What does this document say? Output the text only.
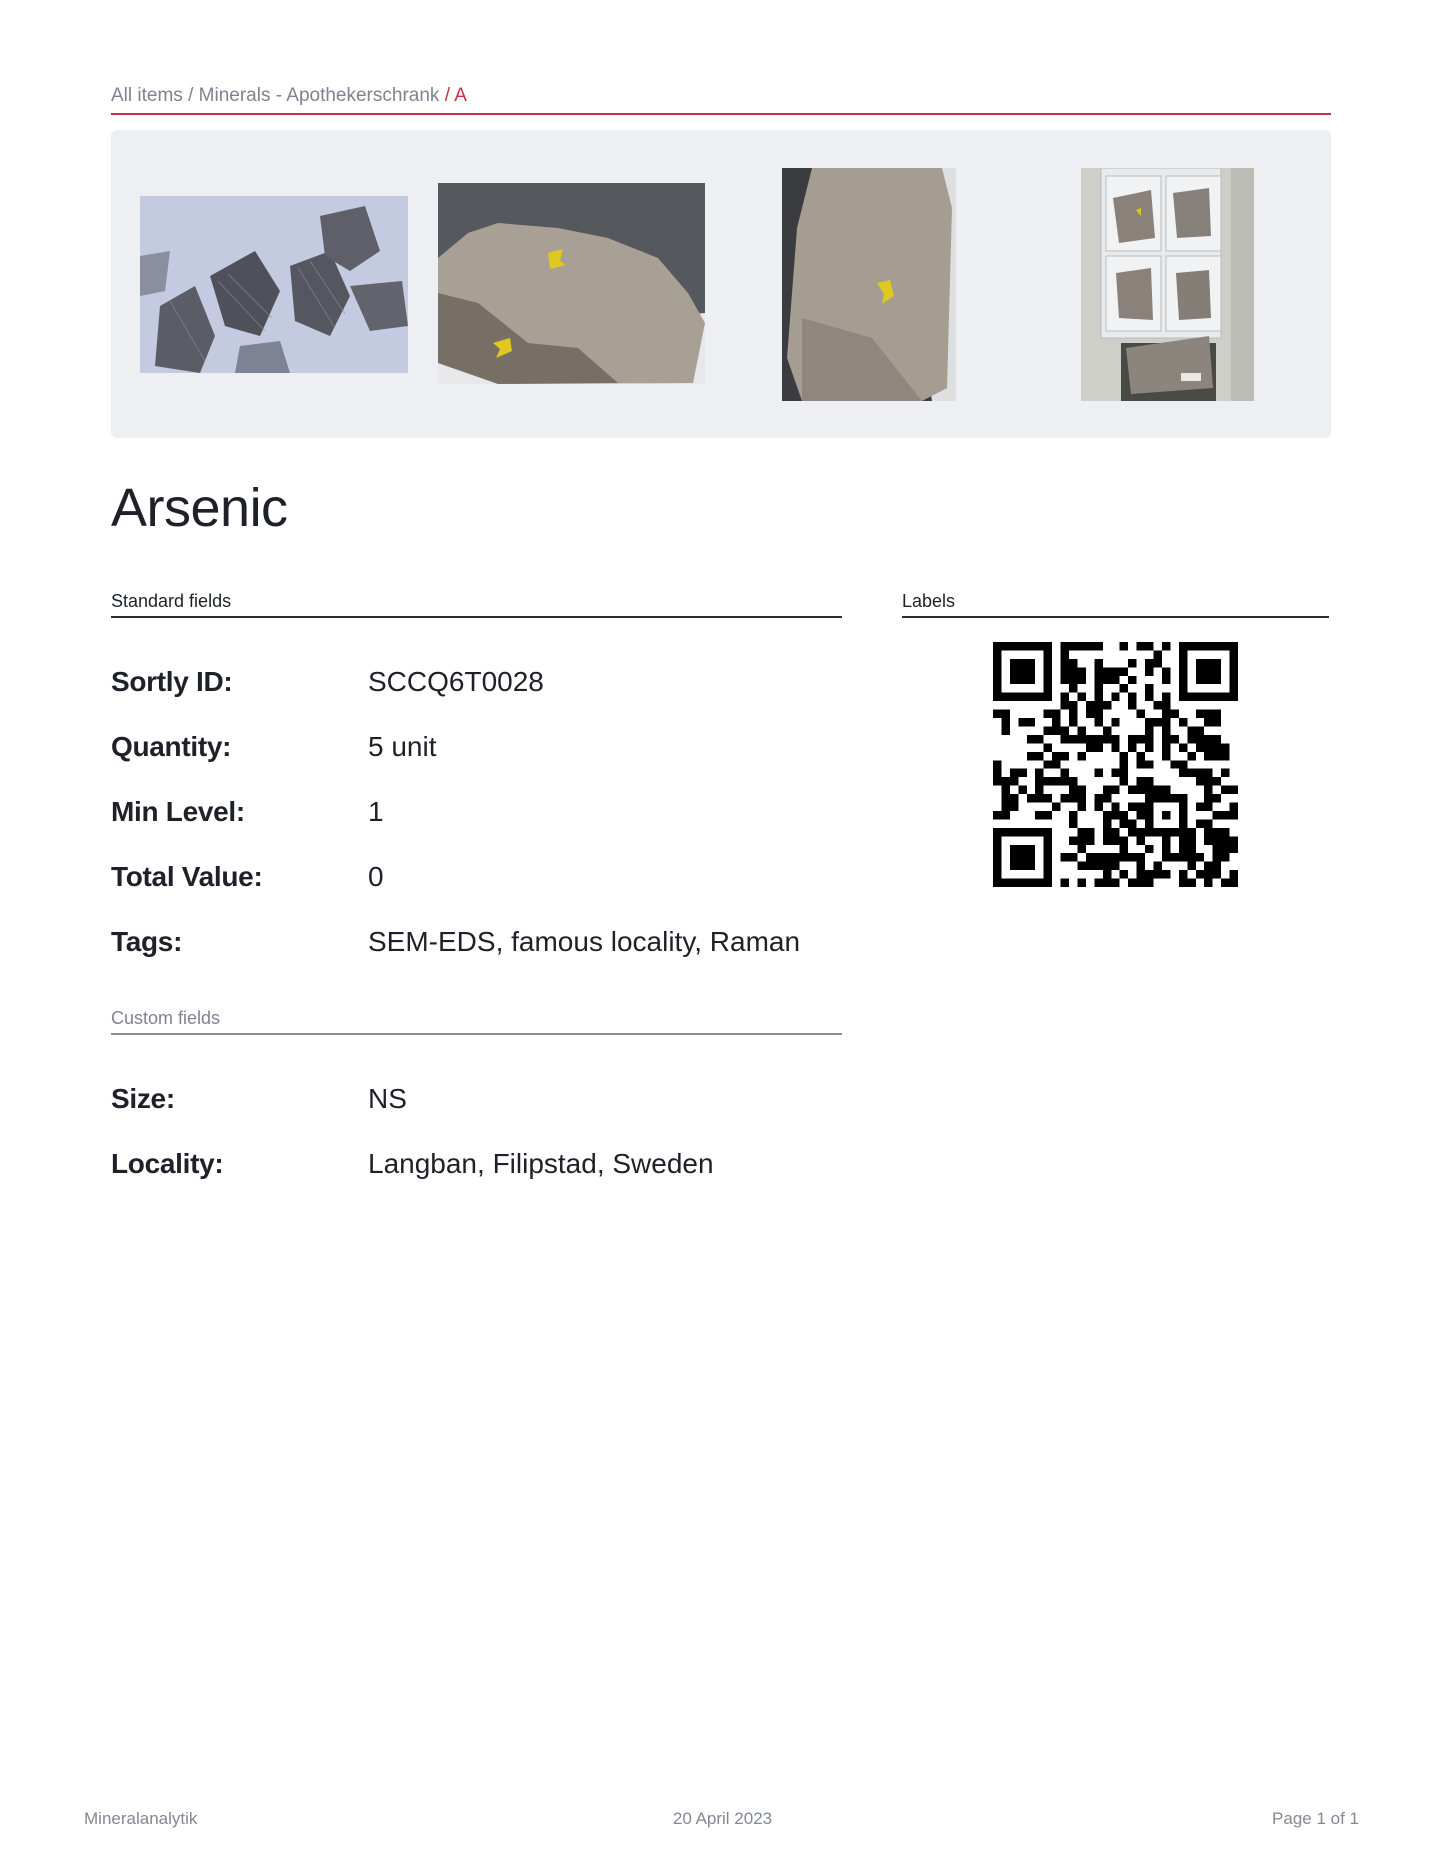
All items / Minerals - Apothekerschrank / A
Arsenic
Standard fields
Sortly ID:	SCCQ6T0028
Quantity:	5 unit
Min Level:	1
Total Value:	0
Tags:	SEM-EDS, famous locality, Raman
Custom fields
Size:	NS
Locality:	Langban, Filipstad, Sweden
Labels
Mineralanalytik	20 April 2023	Page 1 of 1
